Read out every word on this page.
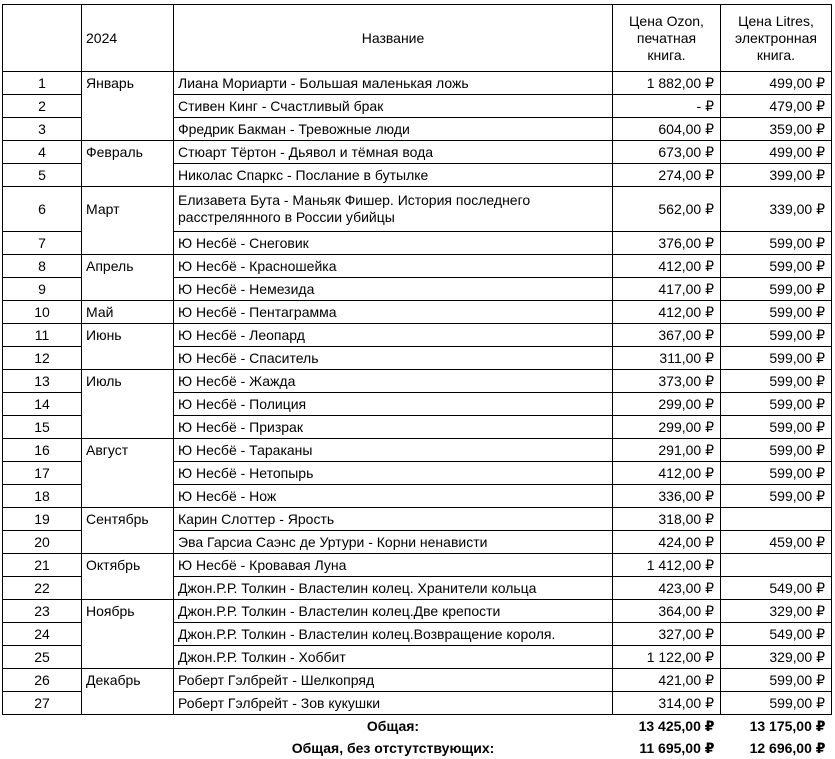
	2024	Название	Цена Ozon, печатная книга.	Цена Litres, электронная книга.
1	Январь	Лиана Мориарти - Большая маленькая ложь	1 882,00 ₽	499,00 ₽
2		Стивен Кинг - Счастливый брак	- ₽	479,00 ₽
3		Фредрик Бакман - Тревожные люди	604,00 ₽	359,00 ₽
4	Февраль	Стюарт Тёртон - Дьявол и тёмная вода	673,00 ₽	499,00 ₽
5		Николас Спаркс - Послание в бутылке	274,00 ₽	399,00 ₽
6	Март	Елизавета Бута - Маньяк Фишер. История последнего расстрелянного в России убийцы	562,00 ₽	339,00 ₽
7		Ю Несбё - Снеговик	376,00 ₽	599,00 ₽
8	Апрель	Ю Несбё - Красношейка	412,00 ₽	599,00 ₽
9		Ю Несбё - Немезида	417,00 ₽	599,00 ₽
10	Май	Ю Несбё - Пентаграмма	412,00 ₽	599,00 ₽
11	Июнь	Ю Несбё - Леопард	367,00 ₽	599,00 ₽
12		Ю Несбё - Спаситель	311,00 ₽	599,00 ₽
13	Июль	Ю Несбё - Жажда	373,00 ₽	599,00 ₽
14		Ю Несбё - Полиция	299,00 ₽	599,00 ₽
15		Ю Несбё - Призрак	299,00 ₽	599,00 ₽
16	Август	Ю Несбё - Тараканы	291,00 ₽	599,00 ₽
17		Ю Несбё - Нетопырь	412,00 ₽	599,00 ₽
18		Ю Несбё - Нож	336,00 ₽	599,00 ₽
19	Сентябрь	Карин Слоттер - Ярость	318,00 ₽	
20		Эва Гарсиа Саэнс де Уртури - Корни ненависти	424,00 ₽	459,00 ₽
21	Октябрь	Ю Несбё - Кровавая Луна	1 412,00 ₽	
22		Джон.Р.Р. Толкин - Властелин колец. Хранители кольца	423,00 ₽	549,00 ₽
23	Ноябрь	Джон.Р.Р. Толкин - Властелин колец.Две крепости	364,00 ₽	329,00 ₽
24		Джон.Р.Р. Толкин - Властелин колец.Возвращение короля.	327,00 ₽	549,00 ₽
25		Джон.Р.Р. Толкин - Хоббит	1 122,00 ₽	329,00 ₽
26	Декабрь	Роберт Гэлбрейт - Шелкопряд	421,00 ₽	599,00 ₽
27		Роберт Гэлбрейт - Зов кукушки	314,00 ₽	599,00 ₽
		Общая:	13 425,00 ₽	13 175,00 ₽
		Общая, без отстутствующих:	11 695,00 ₽	12 696,00 ₽
